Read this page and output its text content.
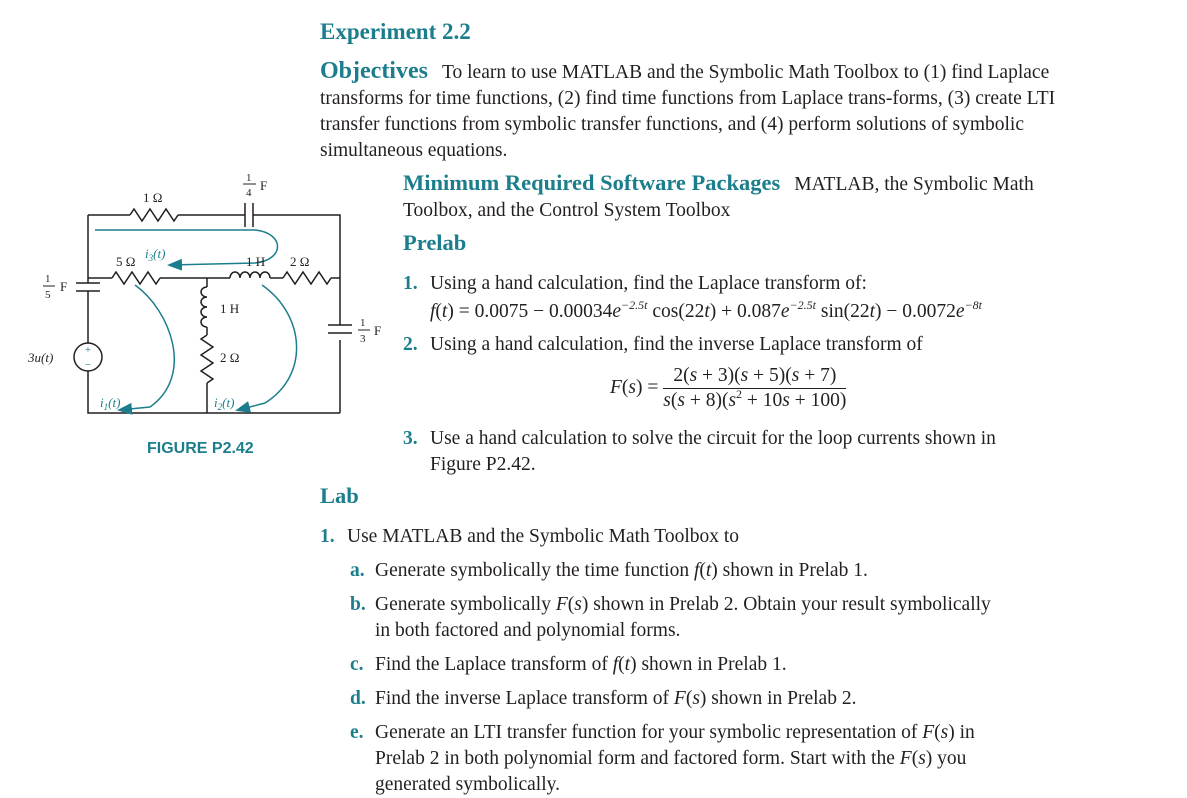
Experiment 2.2
Objectives To learn to use MATLAB and the Symbolic Math Toolbox to (1) find Laplace transforms for time functions, (2) find time functions from Laplace trans-forms, (3) create LTI transfer functions from symbolic transfer functions, and (4) perform solutions of symbolic simultaneous equations.
Minimum Required Software Packages MATLAB, the Symbolic Math Toolbox, and the Control System Toolbox
Prelab
1. Using a hand calculation, find the Laplace transform of:
$f(t) = 0.0075 - 0.00034e^{-2.5t}$ $\cos(22t) + 0.087e^{-2.5t}$ $\sin(22t) - 0.0072e^{-8t}$
2. Using a hand calculation, find the inverse Laplace transform of
$F(s) = \frac{2(s + 3)(s + 5)(s + 7)}{s(s + 8)(s^2 + 10s + 100)}$
3. Use a hand calculation to solve the circuit for the loop currents shown in
Figure P2.42.
Lab
1. Use MATLAB and the Symbolic Math Toolbox to
a. Generate symbolically the time function f(t) shown in Prelab 1.
b. Generate symbolically F(s) shown in Prelab 2. Obtain your result symbolically
in both factored and polynomial forms.
c. Find the Laplace transform of f(t) shown in Prelab 1.
d. Find the inverse Laplace transform of F(s) shown in Prelab 2.
e. Generate an LTI transfer function for your symbolic representation of F(s) in
Prelab 2 in both polynomial form and factored form. Start with the F(s) you
generated symbolically.
+
−
1 Ω
1
4 F
5 Ω	1 H 2 Ω
1
5
F
1 H
2 Ω
1
3
F
3u(t)
$i_3(t)$
$i_1(t)$	$i_2(t)$
FIGURE P2.42
